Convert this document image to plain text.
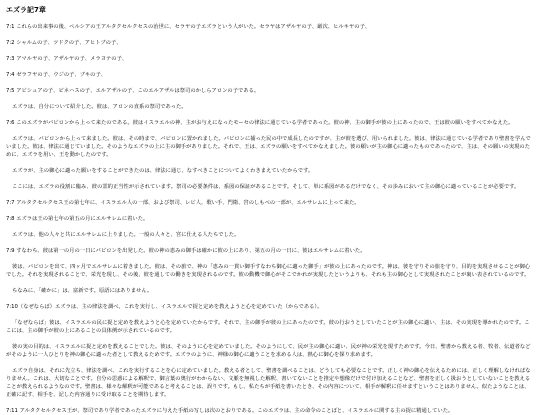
エズラ記7章

7:1 これらの出来事の後、ペルシアの王アルタクセルクセスの治世に、セラヤの子エズラという人がいた。セラヤはアザルヤの子、厳次、ヒルキヤの子、

7:2 シャルムの子、ツドクの子、アヒトブの子、

7:3 アマルヤの子、アザルヤの子、メラヨテの子、

7:4 ゼラフヤの子、ウジの子、ブキの子、

7:5 アビシュアの子、ピネハスの子、エルアザルの子、このエルアザルは祭司のかしらアロンの子である。

エズラは、自分について紹介した。彼は、アロンの直系の祭司であった。

7:6 このエズラがバビロンから上って来たのである。彼はイスラエルの神、主がお与えになったモーセの律法に通じている学者であった。彼の神、主の御手が彼の上にあったので、王は彼の願いをすべてかなえた。

エズラは、バビロンから上って来ました。彼は、その時まで、バビロンに置かれました。バビロンに捕った民の中で成長したのですが、主が彼を選び、用いられました。彼は、律法に通じている学者であり聖書を学んでいました。彼は、律法に通じていました。そのようなエズラの上に主の御手がありました。それで、王は、エズラの願いをすべてかなえました。彼の願いが主の御心に適ったものであったので、主は、その願いの実現のために、エズラを用い、王を動かしたのです。

エズラが、主の御心に適った願いをすることができたのは、律法に通じ、なすべきことについてよくわきまえていたからです。

ここには、エズラの役割に臨み、彼の霊的正当性が示されています。祭司の必要条件は、系図の保証があることです。そして、単に系図があるだけでなく、その歩みにおいて主の御心に適っていることが必要です。

7:7 アルタクセルクセス王の第七年に、イスラエル人の一部、および祭司、レビ人、歌い手、門衛、宮のしもべの一部が、エルサレムに上って来た。

7:8 エズラは王の第七年の第五の月にエルサレムに着いた。

エズラは、他の人々と共にエルサレムに上りました。一般の人々と、宮に仕える人たちでした。

7:9 すなわち、彼は第一の月の一日にバビロンを出発した。彼の神の恵みの御手は確かに彼の上にあり、第五の月の一日に、彼はエルサレムに着いた。

彼は、バビロンを出て、四ヶ月でエルサレムに着きました。彼は、その旅で、神の「恵みの一貫い御手すなわち御心に適った御手」が彼の上にあったのです。神は、彼を守りその旅を守り、目的を実現させることが御心でした。それを実現されることで、栄光を現し、その後、彼を通しての働きを実現されるのです。彼の動機で御心がそこでかれが実現したというよりも、それも主の御心として実現されたことが裏い表されているのです。

ちなみに、「確かに」は、富新です。原語にはありません。

7:10（なぜならば）エズラは、主の律法を調べ、これを実行し、イスラエルで捉と定めを教えようと心を定めていた（からである）。

「なぜならば」彼は、イスラエルの民に捉と定めを教えようと心を定めていたからです。それで、主の御手が彼の上にあったのです。彼の行おうとしていたことが主の御心に適い、主は、その実現を導かれたのです。ここには、主の御手が彼の上にあることの具体例が示されているのです。

彼の実の目的は、イスラエルに捉と定めを教えることでした。彼は、そのように心を定めていました。そのようにして、民が主の御心に適い、民が神の栄光を現すためです。今日、聖書から教える者、牧者、伝道者などがそのように一人ひとりを神の御心に適った者として教えるためです。エズラのように、神様の御心に適うことを求める人は、熱心に御心を探り求めます。

エズラ自身は、それに先立ち、律法を調べ、これを実行することを心に定めていました。教える者として、聖書を調べることは、どうしても必要なことです。正しく神の御心を伝えるためには、正しく理解しなければなりません。これは、大切なことです。自分の思惑による解釈で、御言葉の奥行がわからない、文脈を無視した解釈、書いてないことを推定や想像だけで付け加えることなど、聖書を正しく扱おうとしていないことを教えることが教えられるようなのです。聖書は、様々な解釈が可能であると考えることは、誤りです。もし、私たちが手紙を書いたとき、その内容について、相手が解釈に任せますということはありません。似たようなことは、正確に記す、相手を、記した内容通りに受け取ることを期待します。

7:11 アルタクセルクセス王が、祭司であり学者であったエズラに与えた手紙の写しは次のとおりである。このエズラは、主の命令のことばと、イスラエルに関する主の捉に精通していた。
